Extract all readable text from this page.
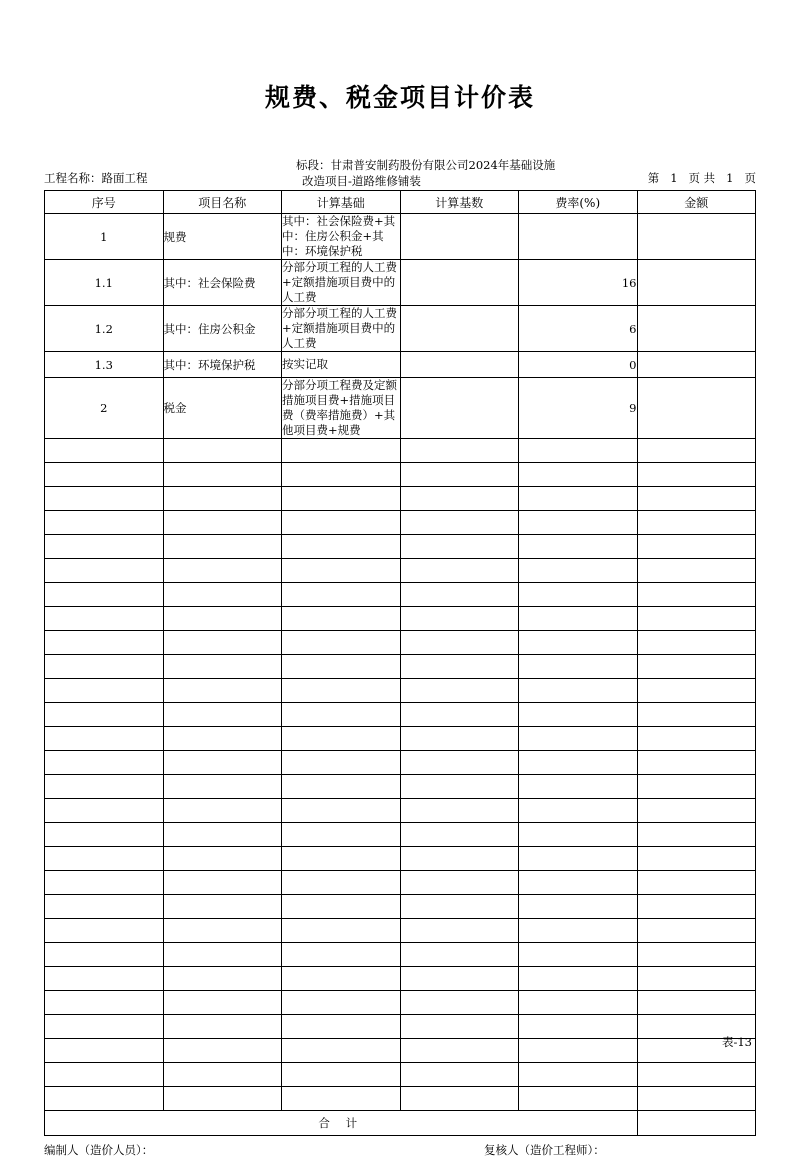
规费、税金项目计价表
工程名称：路面工程
标段：甘肃普安制药股份有限公司2024年基础设施
改造项目-道路维修铺装	第 1 页 共 1 页
序号	项目名称	计算基础	计算基数	费率(%)	金额
1	规费	其中：社会保险费+其中：住房公积金+其中：环境保护税			
1.1	其中：社会保险费	分部分项工程的人工费+定额措施项目费中的人工费		16	
1.2	其中：住房公积金	分部分项工程的人工费+定额措施项目费中的人工费		6	
1.3	其中：环境保护税	按实记取		0	
2	税金	分部分项工程费及定额措施项目费+措施项目费（费率措施费）+其他项目费+规费		9	

合 计					
编制人（造价人员）：	复核人（造价工程师）：
表-13
